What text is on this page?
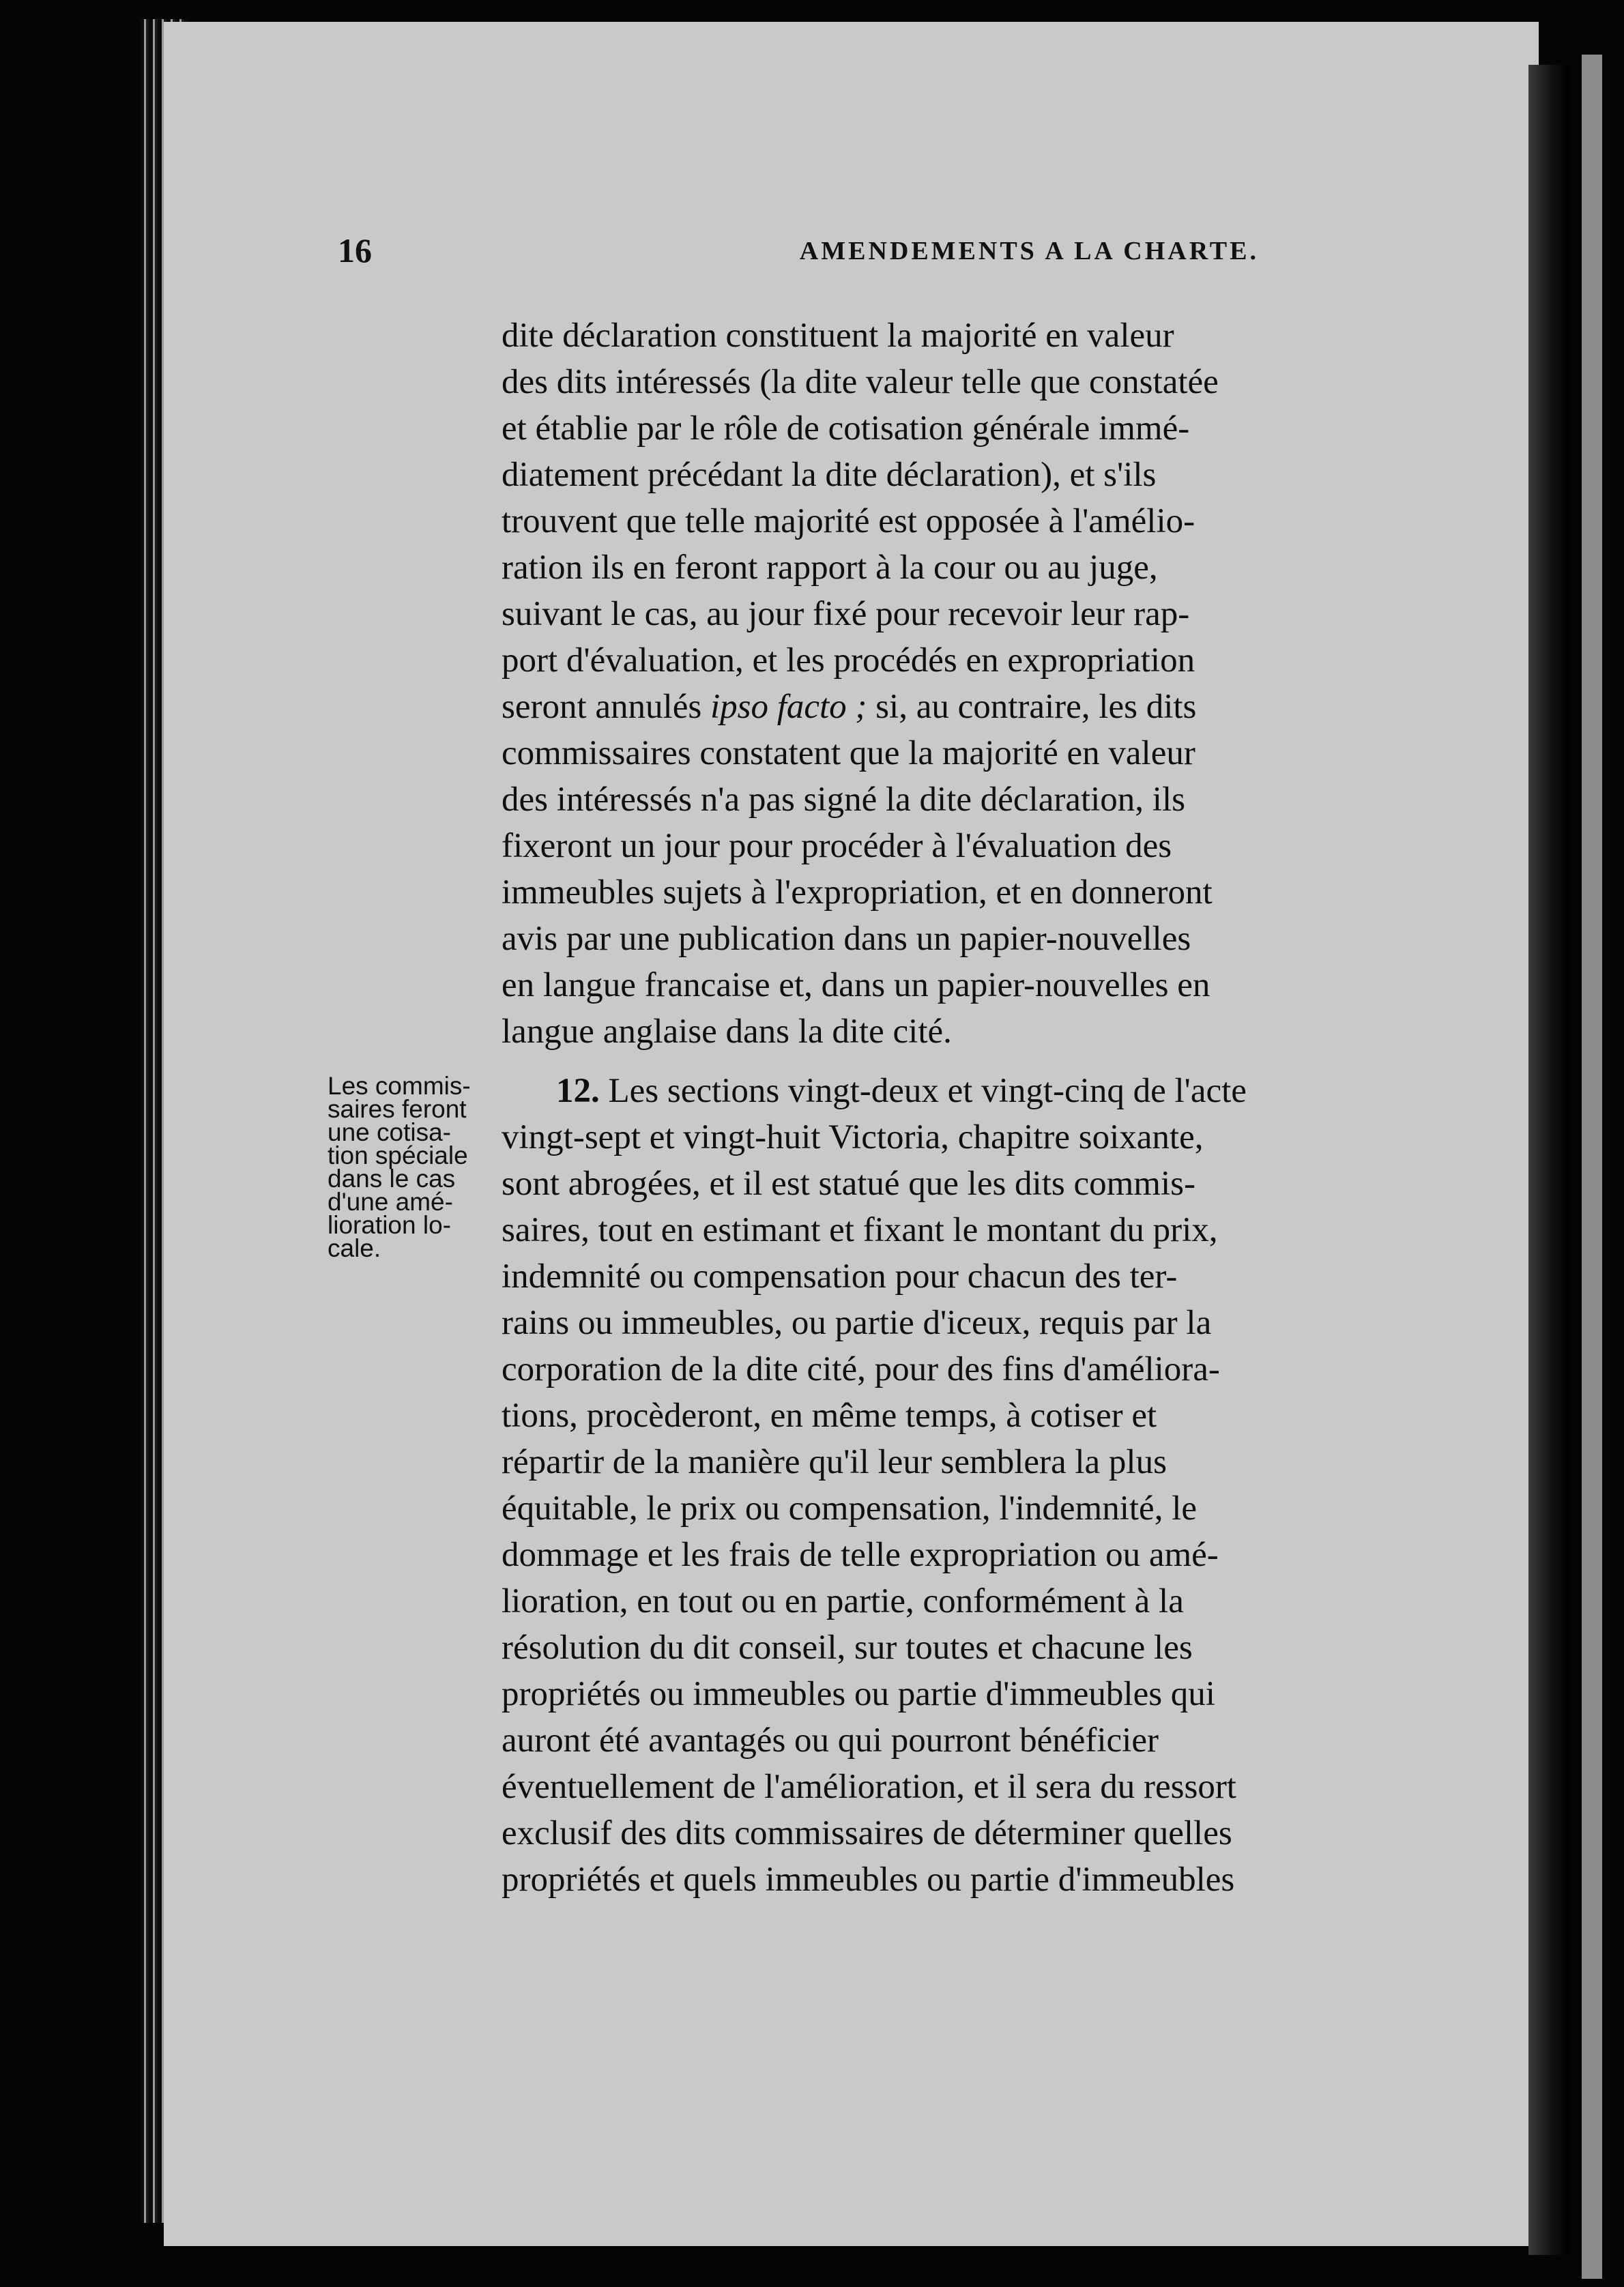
16	AMENDEMENTS A LA CHARTE.
Les commis-
saires feront
une cotisa-
tion spéciale
dans le cas
d'une amé-
lioration lo-
cale.
dite déclaration constituent la majorité en valeur
des dits intéressés (la dite valeur telle que constatée
et établie par le rôle de cotisation générale immé-
diatement précédant la dite déclaration), et s'ils
trouvent que telle majorité est opposée à l'amélio-
ration ils en feront rapport à la cour ou au juge,
suivant le cas, au jour fixé pour recevoir leur rap-
port d'évaluation, et les procédés en expropriation
seront annulés ipso facto ; si, au contraire, les dits
commissaires constatent que la majorité en valeur
des intéressés n'a pas signé la dite déclaration, ils
fixeront un jour pour procéder à l'évaluation des
immeubles sujets à l'expropriation, et en donneront
avis par une publication dans un papier-nouvelles
en langue francaise et, dans un papier-nouvelles en
langue anglaise dans la dite cité.
12. Les sections vingt-deux et vingt-cinq de l'acte
vingt-sept et vingt-huit Victoria, chapitre soixante,
sont abrogées, et il est statué que les dits commis-
saires, tout en estimant et fixant le montant du prix,
indemnité ou compensation pour chacun des ter-
rains ou immeubles, ou partie d'iceux, requis par la
corporation de la dite cité, pour des fins d'améliora-
tions, procèderont, en même temps, à cotiser et
répartir de la manière qu'il leur semblera la plus
équitable, le prix ou compensation, l'indemnité, le
dommage et les frais de telle expropriation ou amé-
lioration, en tout ou en partie, conformément à la
résolution du dit conseil, sur toutes et chacune les
propriétés ou immeubles ou partie d'immeubles qui
auront été avantagés ou qui pourront bénéficier
éventuellement de l'amélioration, et il sera du ressort
exclusif des dits commissaires de déterminer quelles
propriétés et quels immeubles ou partie d'immeubles
